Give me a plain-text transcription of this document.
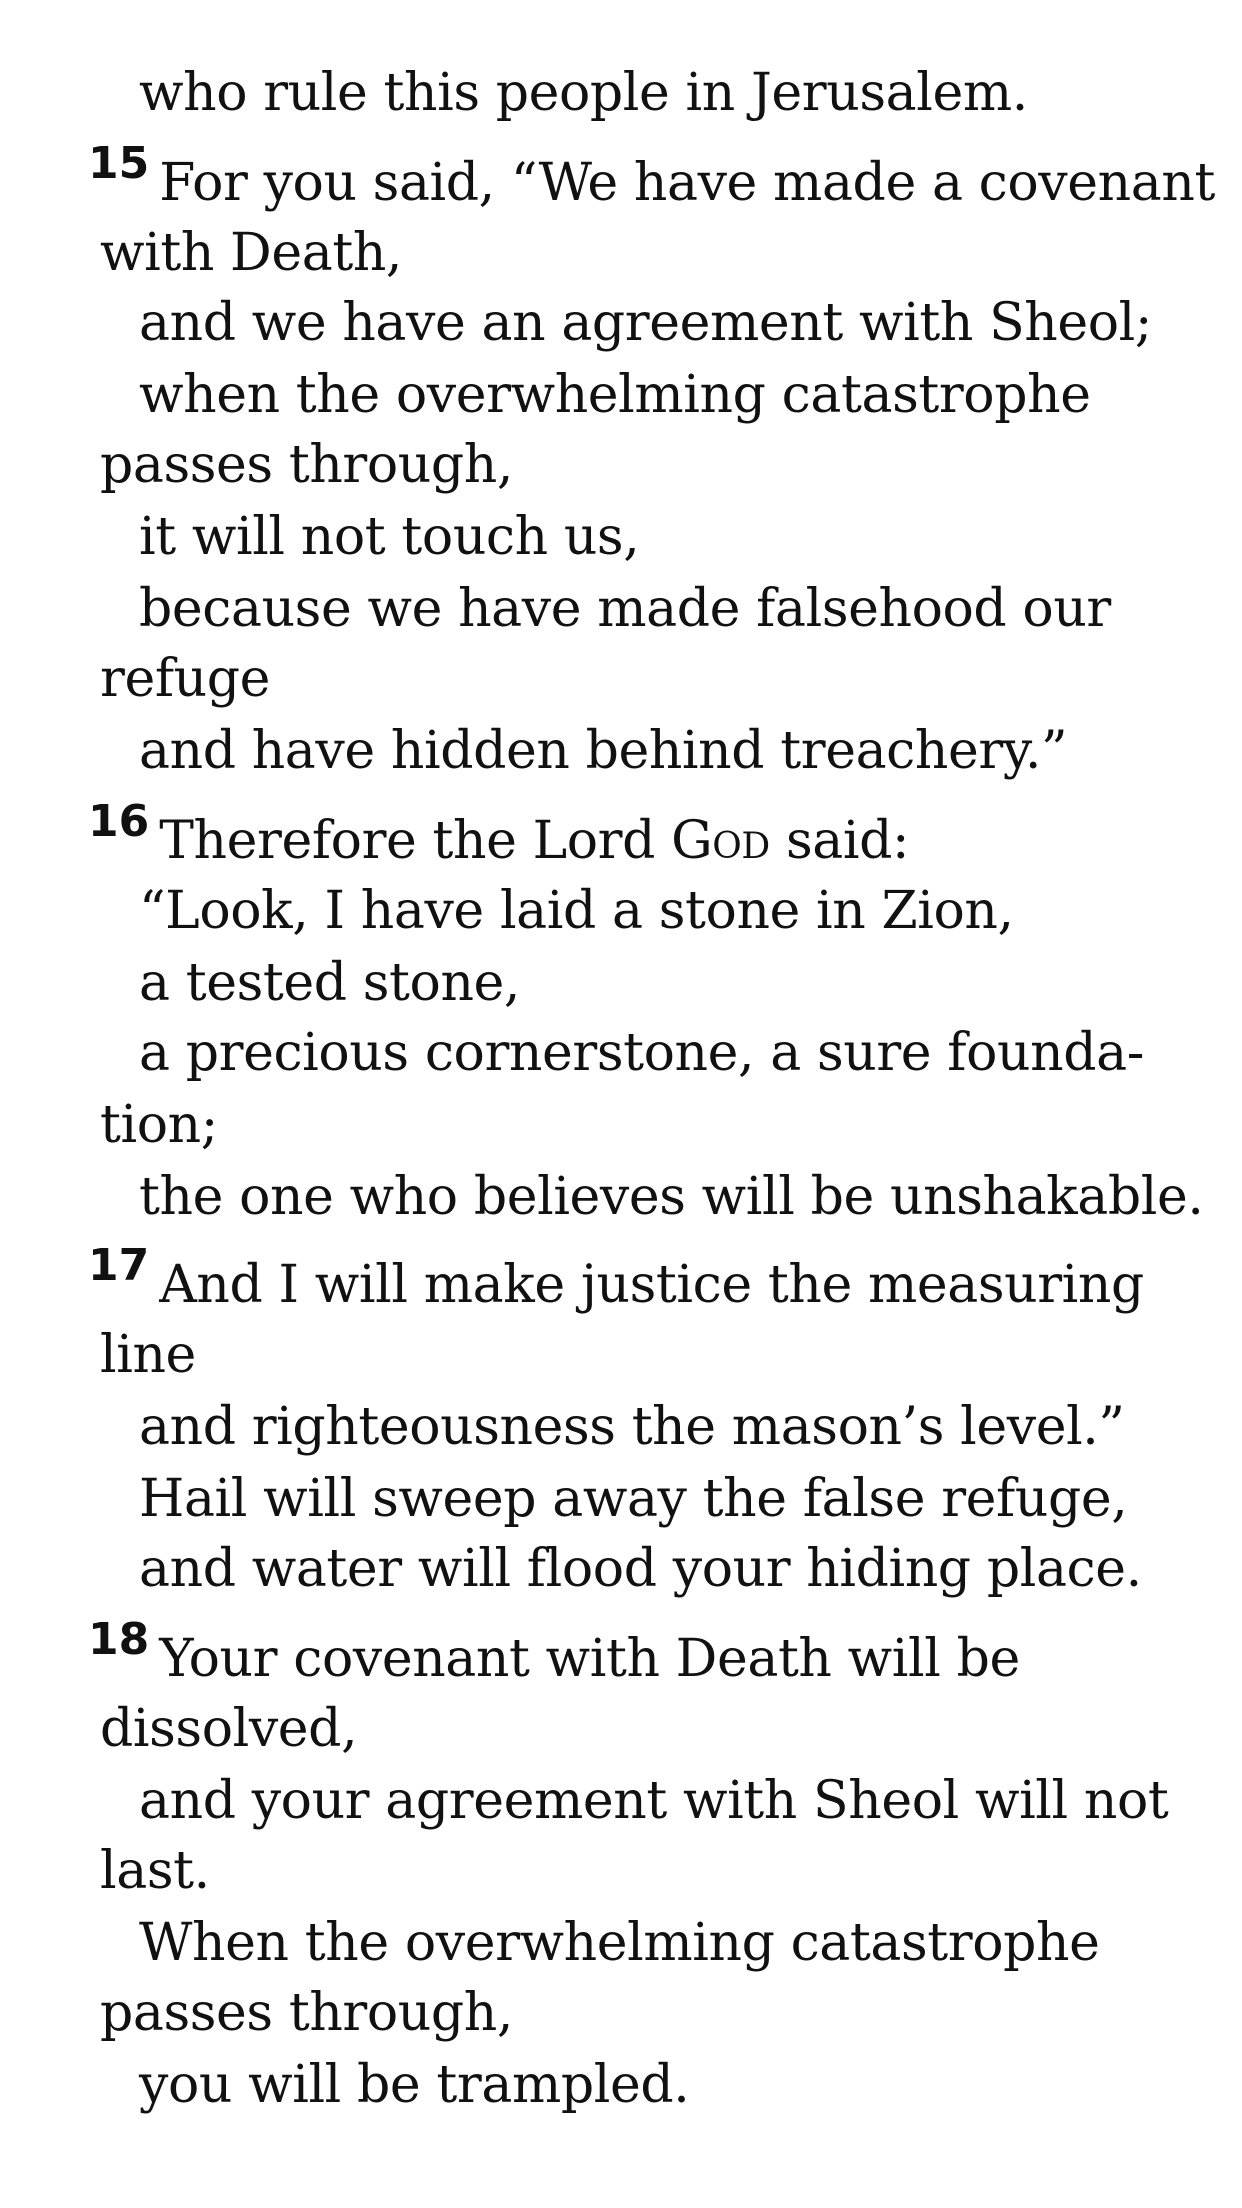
who rule this people in Jerusalem.
$^{15}$ For you said, “We have made a covenant
with Death,
and we have an agreement with Sheol;
when the overwhelming catastrophe
passes through,
it will not touch us,
because we have made falsehood our
refuge
and have hidden behind treachery.”
$^{16}$ Therefore the Lord God said:
“Look, I have laid a stone in Zion,
a tested stone,
a precious cornerstone, a sure founda-
tion;
the one who believes will be unshakable.
$^{17}$ And I will make justice the measuring
line
and righteousness the mason’s level.”
Hail will sweep away the false refuge,
and water will flood your hiding place.
$^{18}$ Your covenant with Death will be
dissolved,
and your agreement with Sheol will not
last.
When the overwhelming catastrophe
passes through,
you will be trampled.
